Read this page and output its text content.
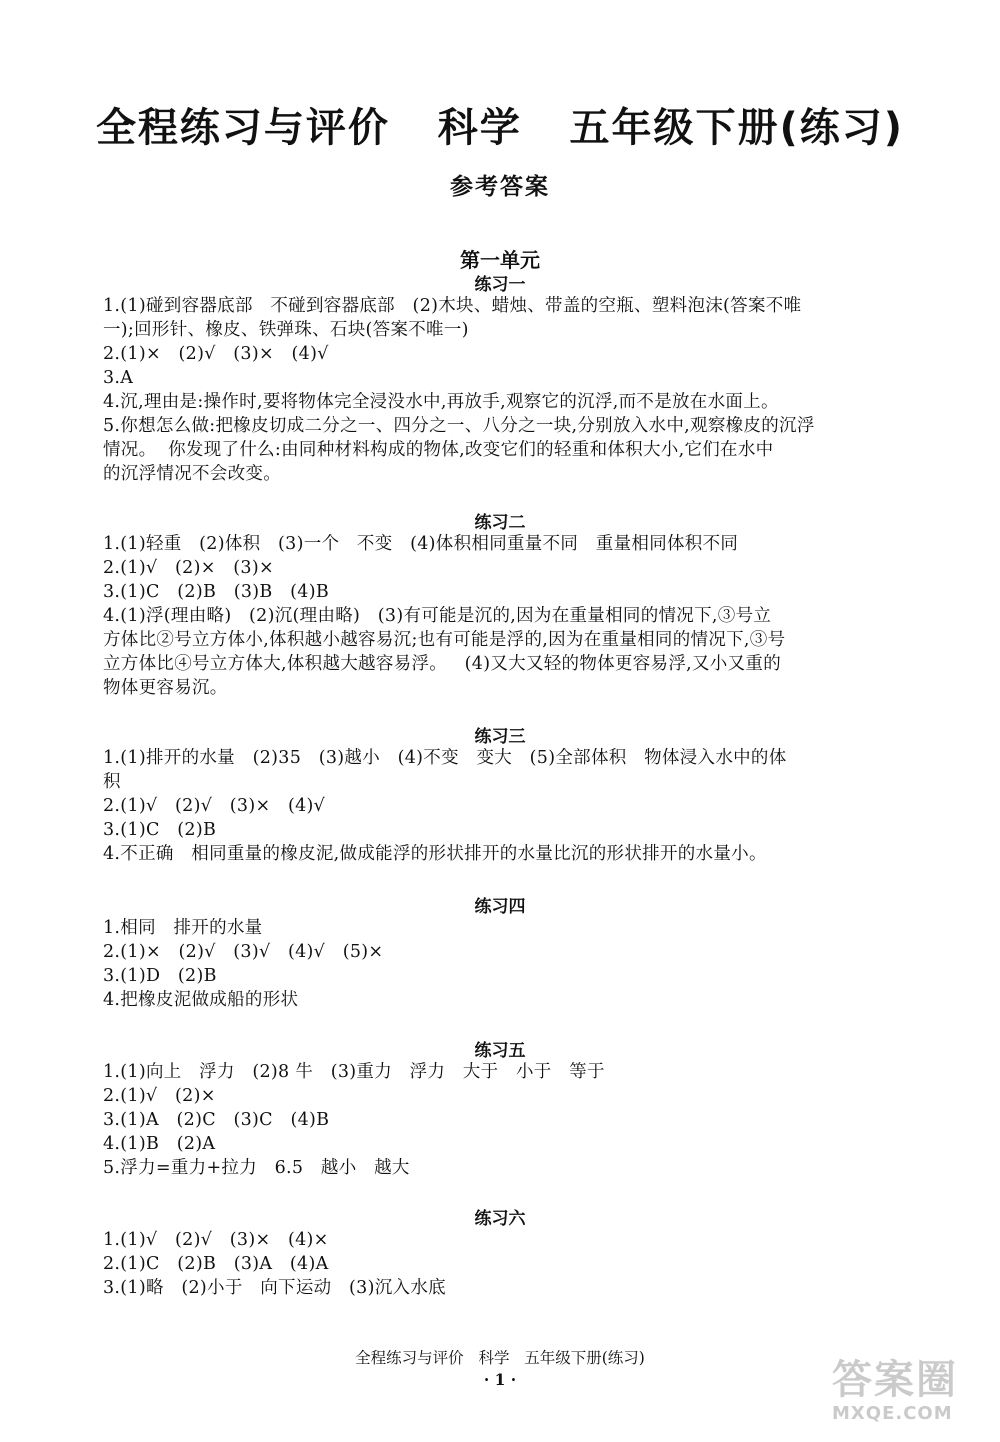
全程练习与评价   科学   五年级下册(练习)
参考答案
第一单元
练习一
1.(1)碰到容器底部   不碰到容器底部   (2)木块、蜡烛、带盖的空瓶、塑料泡沫(答案不唯
一);回形针、橡皮、铁弹珠、石块(答案不唯一)
2.(1)×   (2)√   (3)×   (4)√
3.A
4.沉,理由是:操作时,要将物体完全浸没水中,再放手,观察它的沉浮,而不是放在水面上。
5.你想怎么做:把橡皮切成二分之一、四分之一、八分之一块,分别放入水中,观察橡皮的沉浮
情况。  你发现了什么:由同种材料构成的物体,改变它们的轻重和体积大小,它们在水中
的沉浮情况不会改变。
练习二
1.(1)轻重   (2)体积   (3)一个   不变   (4)体积相同重量不同   重量相同体积不同
2.(1)√   (2)×   (3)×
3.(1)C   (2)B   (3)B   (4)B
4.(1)浮(理由略)   (2)沉(理由略)   (3)有可能是沉的,因为在重量相同的情况下,③号立
方体比②号立方体小,体积越小越容易沉;也有可能是浮的,因为在重量相同的情况下,③号
立方体比④号立方体大,体积越大越容易浮。   (4)又大又轻的物体更容易浮,又小又重的
物体更容易沉。
练习三
1.(1)排开的水量   (2)35   (3)越小   (4)不变   变大   (5)全部体积   物体浸入水中的体
积
2.(1)√   (2)√   (3)×   (4)√
3.(1)C   (2)B
4.不正确   相同重量的橡皮泥,做成能浮的形状排开的水量比沉的形状排开的水量小。
练习四
1.相同   排开的水量
2.(1)×   (2)√   (3)√   (4)√   (5)×
3.(1)D   (2)B
4.把橡皮泥做成船的形状
练习五
1.(1)向上   浮力   (2)8 牛   (3)重力   浮力   大于   小于   等于
2.(1)√   (2)×
3.(1)A   (2)C   (3)C   (4)B
4.(1)B   (2)A
5.浮力=重力+拉力   6.5   越小   越大
练习六
1.(1)√   (2)√   (3)×   (4)×
2.(1)C   (2)B   (3)A   (4)A
3.(1)略   (2)小于   向下运动   (3)沉入水底
全程练习与评价   科学   五年级下册(练习)
· 1 ·	答案圈
MXQE.COM
